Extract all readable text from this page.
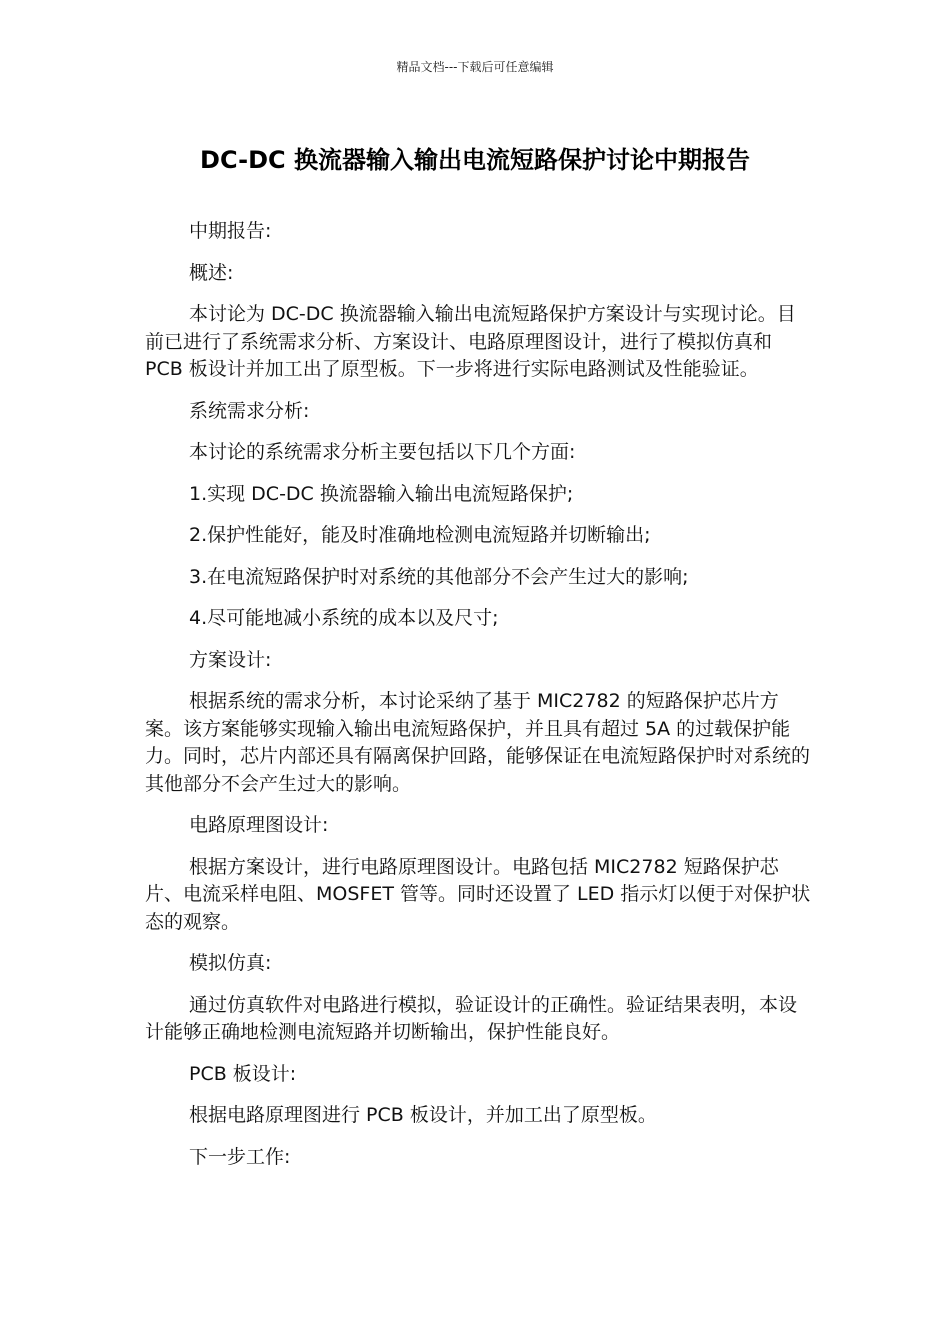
精品文档---下载后可任意编辑
DC-DC 换流器输入输出电流短路保护讨论中期报告

中期报告:

概述:

本讨论为 DC-DC 换流器输入输出电流短路保护方案设计与实现讨论。目前已进行了系统需求分析、方案设计、电路原理图设计，进行了模拟仿真和 PCB 板设计并加工出了原型板。下一步将进行实际电路测试及性能验证。

系统需求分析:

本讨论的系统需求分析主要包括以下几个方面:

1.实现 DC-DC 换流器输入输出电流短路保护;

2.保护性能好，能及时准确地检测电流短路并切断输出;

3.在电流短路保护时对系统的其他部分不会产生过大的影响;

4.尽可能地减小系统的成本以及尺寸;

方案设计:

根据系统的需求分析，本讨论采纳了基于 MIC2782 的短路保护芯片方案。该方案能够实现输入输出电流短路保护，并且具有超过 5A 的过载保护能力。同时，芯片内部还具有隔离保护回路，能够保证在电流短路保护时对系统的其他部分不会产生过大的影响。

电路原理图设计:

根据方案设计，进行电路原理图设计。电路包括 MIC2782 短路保护芯片、电流采样电阻、MOSFET 管等。同时还设置了 LED 指示灯以便于对保护状态的观察。

模拟仿真:

通过仿真软件对电路进行模拟，验证设计的正确性。验证结果表明，本设计能够正确地检测电流短路并切断输出，保护性能良好。

PCB 板设计:

根据电路原理图进行 PCB 板设计，并加工出了原型板。

下一步工作:
